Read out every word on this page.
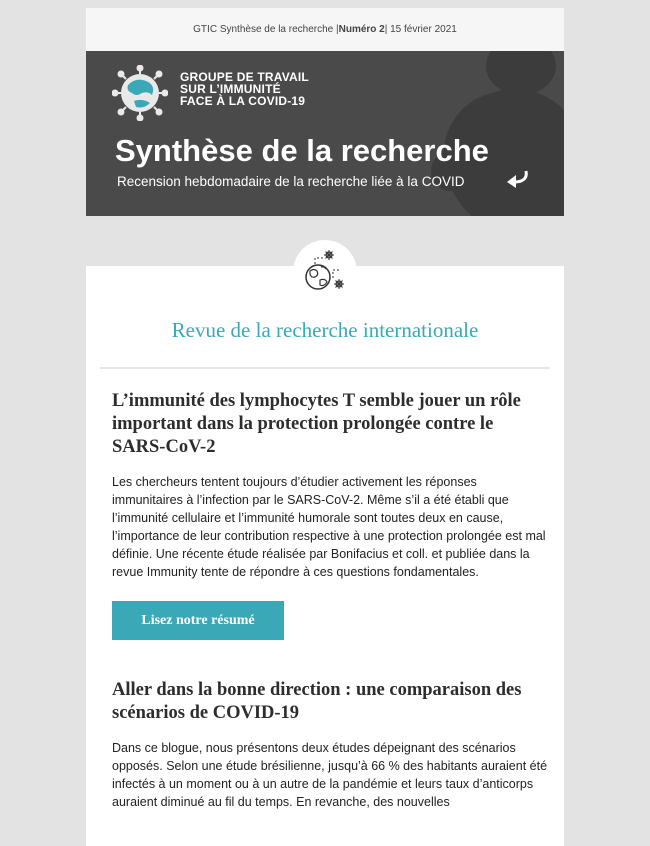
GTIC Synthèse de la recherche | Numéro 2 | 15 février 2021
GROUPE DE TRAVAIL
SUR L’IMMUNITÉ
FACE À LA COVID-19
Synthèse de la recherche
Recension hebdomadaire de la recherche liée à la COVID
Revue de la recherche internationale
L’immunité des lymphocytes T semble jouer un rôle important dans la protection prolongée contre le SARS-CoV-2
Les chercheurs tentent toujours d’étudier activement les réponses immunitaires à l’infection par le SARS-CoV-2. Même s’il a été établi que l’immunité cellulaire et l’immunité humorale sont toutes deux en cause, l’importance de leur contribution respective à une protection prolongée est mal définie. Une récente étude réalisée par Bonifacius et coll. et publiée dans la revue Immunity tente de répondre à ces questions fondamentales.
Lisez notre résumé
Aller dans la bonne direction : une comparaison des scénarios de COVID-19
Dans ce blogue, nous présentons deux études dépeignant des scénarios opposés. Selon une étude brésilienne, jusqu’à 66 % des habitants auraient été infectés à un moment ou à un autre de la pandémie et leurs taux d’anticorps auraient diminué au fil du temps. En revanche, des nouvelles
